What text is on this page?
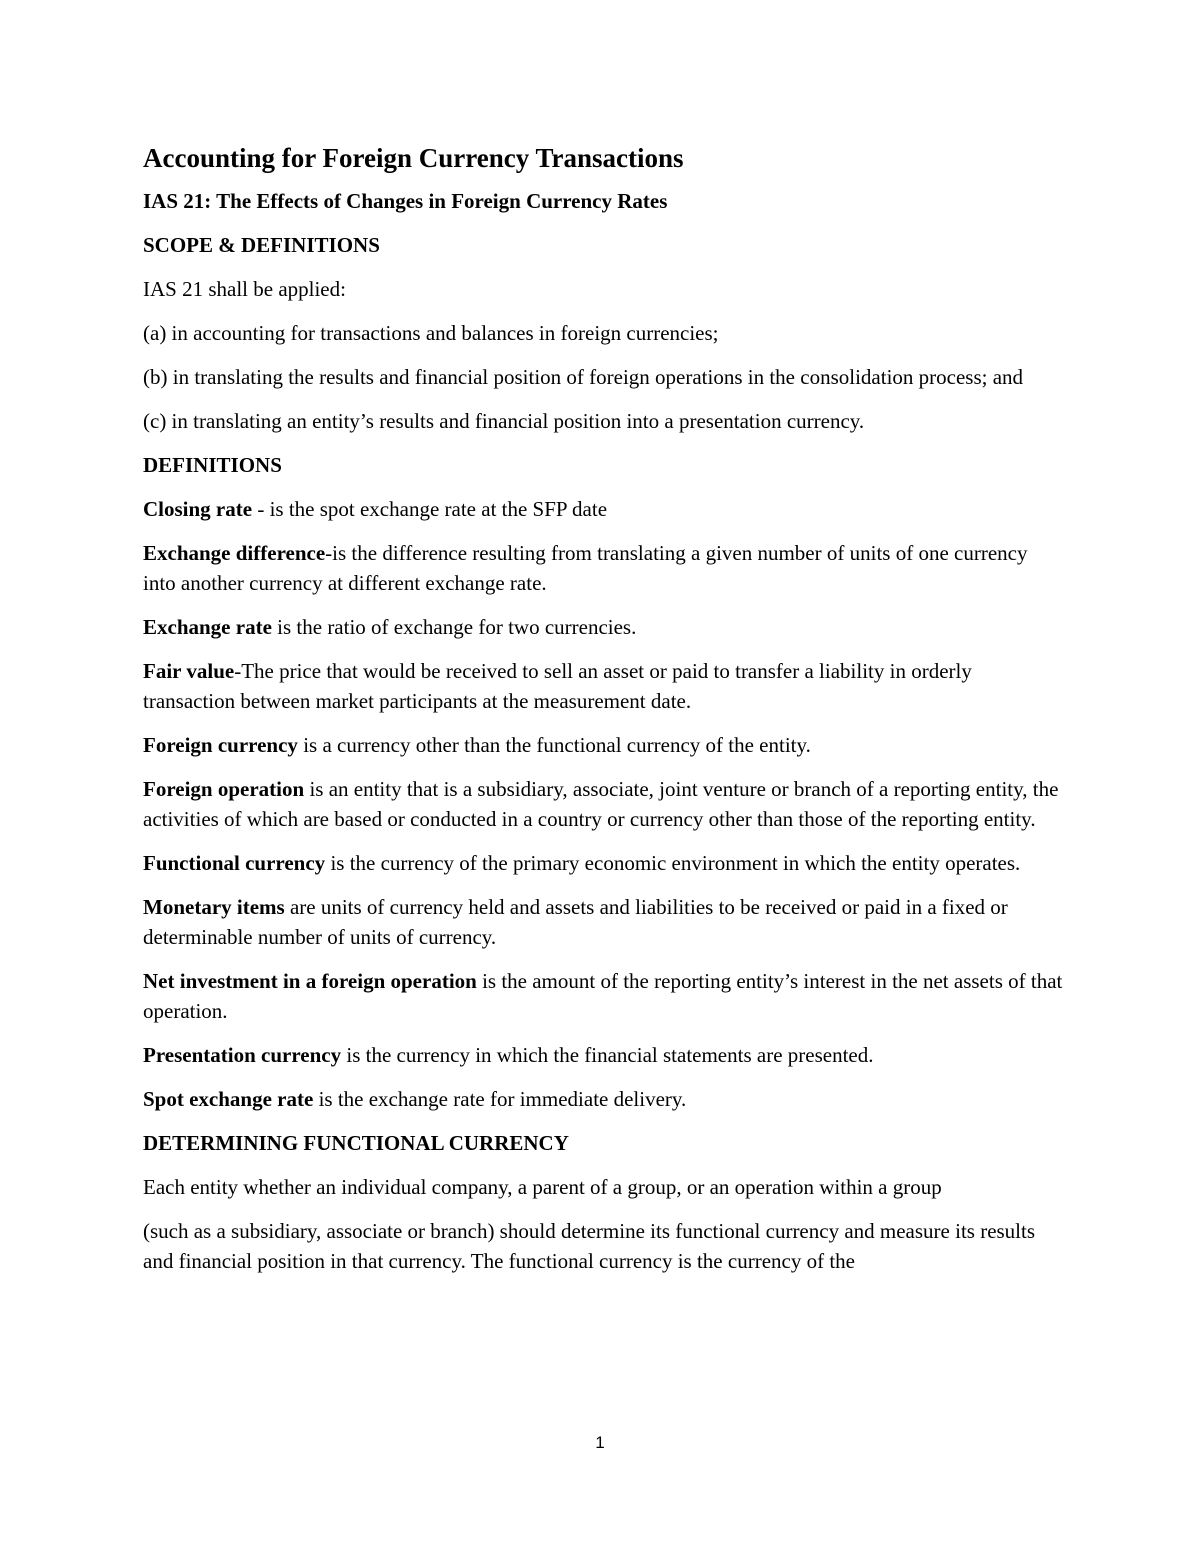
Accounting for Foreign Currency Transactions
IAS 21: The Effects of Changes in Foreign Currency Rates
SCOPE & DEFINITIONS

IAS 21 shall be applied:

(a) in accounting for transactions and balances in foreign currencies;

(b) in translating the results and financial position of foreign operations in the consolidation process; and

(c) in translating an entity’s results and financial position into a presentation currency.

DEFINITIONS

Closing rate - is the spot exchange rate at the SFP date

Exchange difference-is the difference resulting from translating a given number of units of one currency into another currency at different exchange rate.

Exchange rate is the ratio of exchange for two currencies.

Fair value-The price that would be received to sell an asset or paid to transfer a liability in orderly transaction between market participants at the measurement date.

Foreign currency is a currency other than the functional currency of the entity.

Foreign operation is an entity that is a subsidiary, associate, joint venture or branch of a reporting entity, the activities of which are based or conducted in a country or currency other than those of the reporting entity.

Functional currency is the currency of the primary economic environment in which the entity operates.

Monetary items are units of currency held and assets and liabilities to be received or paid in a fixed or determinable number of units of currency.

Net investment in a foreign operation is the amount of the reporting entity’s interest in the net assets of that operation.

Presentation currency is the currency in which the financial statements are presented.

Spot exchange rate is the exchange rate for immediate delivery.

DETERMINING FUNCTIONAL CURRENCY

Each entity whether an individual company, a parent of a group, or an operation within a group

(such as a subsidiary, associate or branch) should determine its functional currency and measure its results and financial position in that currency. The functional currency is the currency of the

1
